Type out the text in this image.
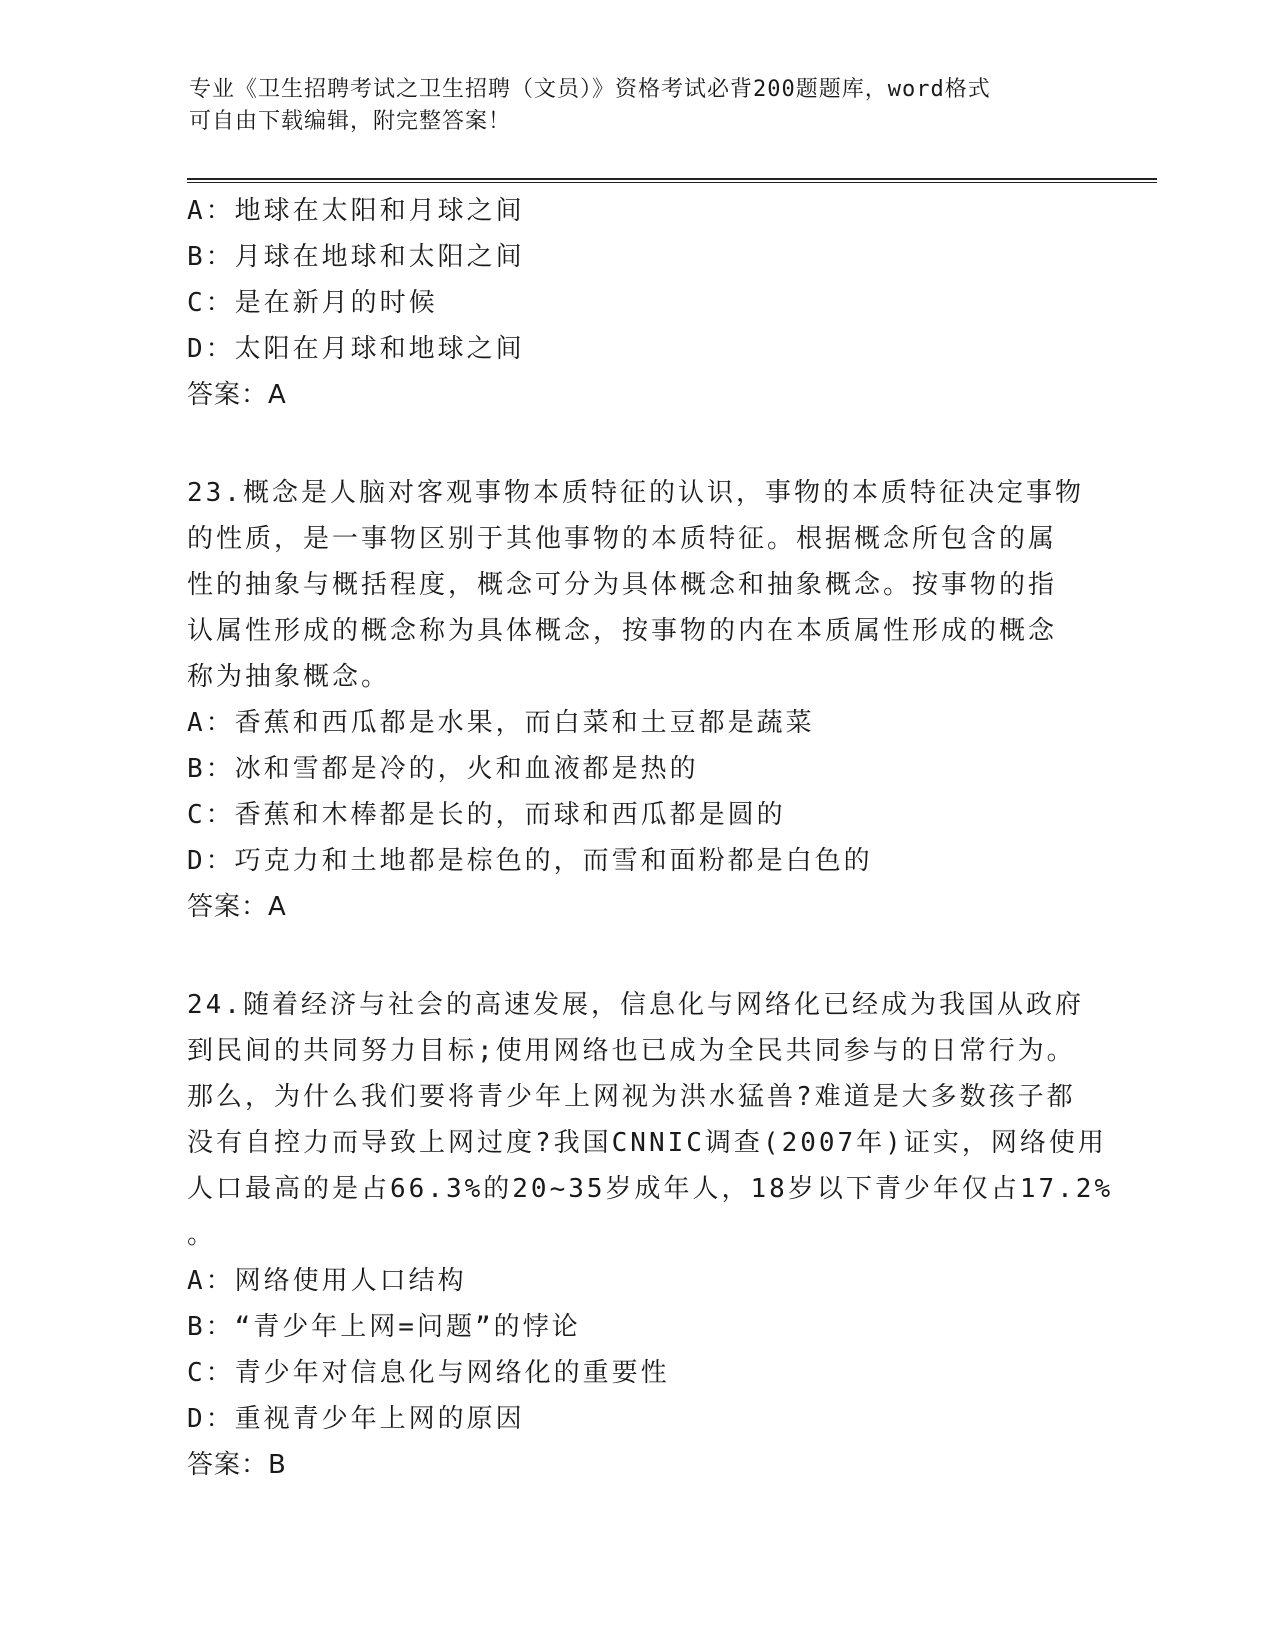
专业《卫生招聘考试之卫生招聘（文员）》资格考试必背200题题库，word格式
可自由下载编辑，附完整答案！
A：地球在太阳和月球之间
B：月球在地球和太阳之间
C：是在新月的时候
D：太阳在月球和地球之间
答案：A
23.概念是人脑对客观事物本质特征的认识，事物的本质特征决定事物
的性质，是一事物区别于其他事物的本质特征。根据概念所包含的属
性的抽象与概括程度，概念可分为具体概念和抽象概念。按事物的指
认属性形成的概念称为具体概念，按事物的内在本质属性形成的概念
称为抽象概念。
A：香蕉和西瓜都是水果，而白菜和土豆都是蔬菜
B：冰和雪都是冷的，火和血液都是热的
C：香蕉和木棒都是长的，而球和西瓜都是圆的
D：巧克力和土地都是棕色的，而雪和面粉都是白色的
答案：A
24.随着经济与社会的高速发展，信息化与网络化已经成为我国从政府
到民间的共同努力目标;使用网络也已成为全民共同参与的日常行为。
那么，为什么我们要将青少年上网视为洪水猛兽?难道是大多数孩子都
没有自控力而导致上网过度?我国CNNIC调查(2007年)证实，网络使用
人口最高的是占66.3%的20~35岁成年人，18岁以下青少年仅占17.2%
。
A：网络使用人口结构
B：“青少年上网=问题”的悖论
C：青少年对信息化与网络化的重要性
D：重视青少年上网的原因
答案：B
